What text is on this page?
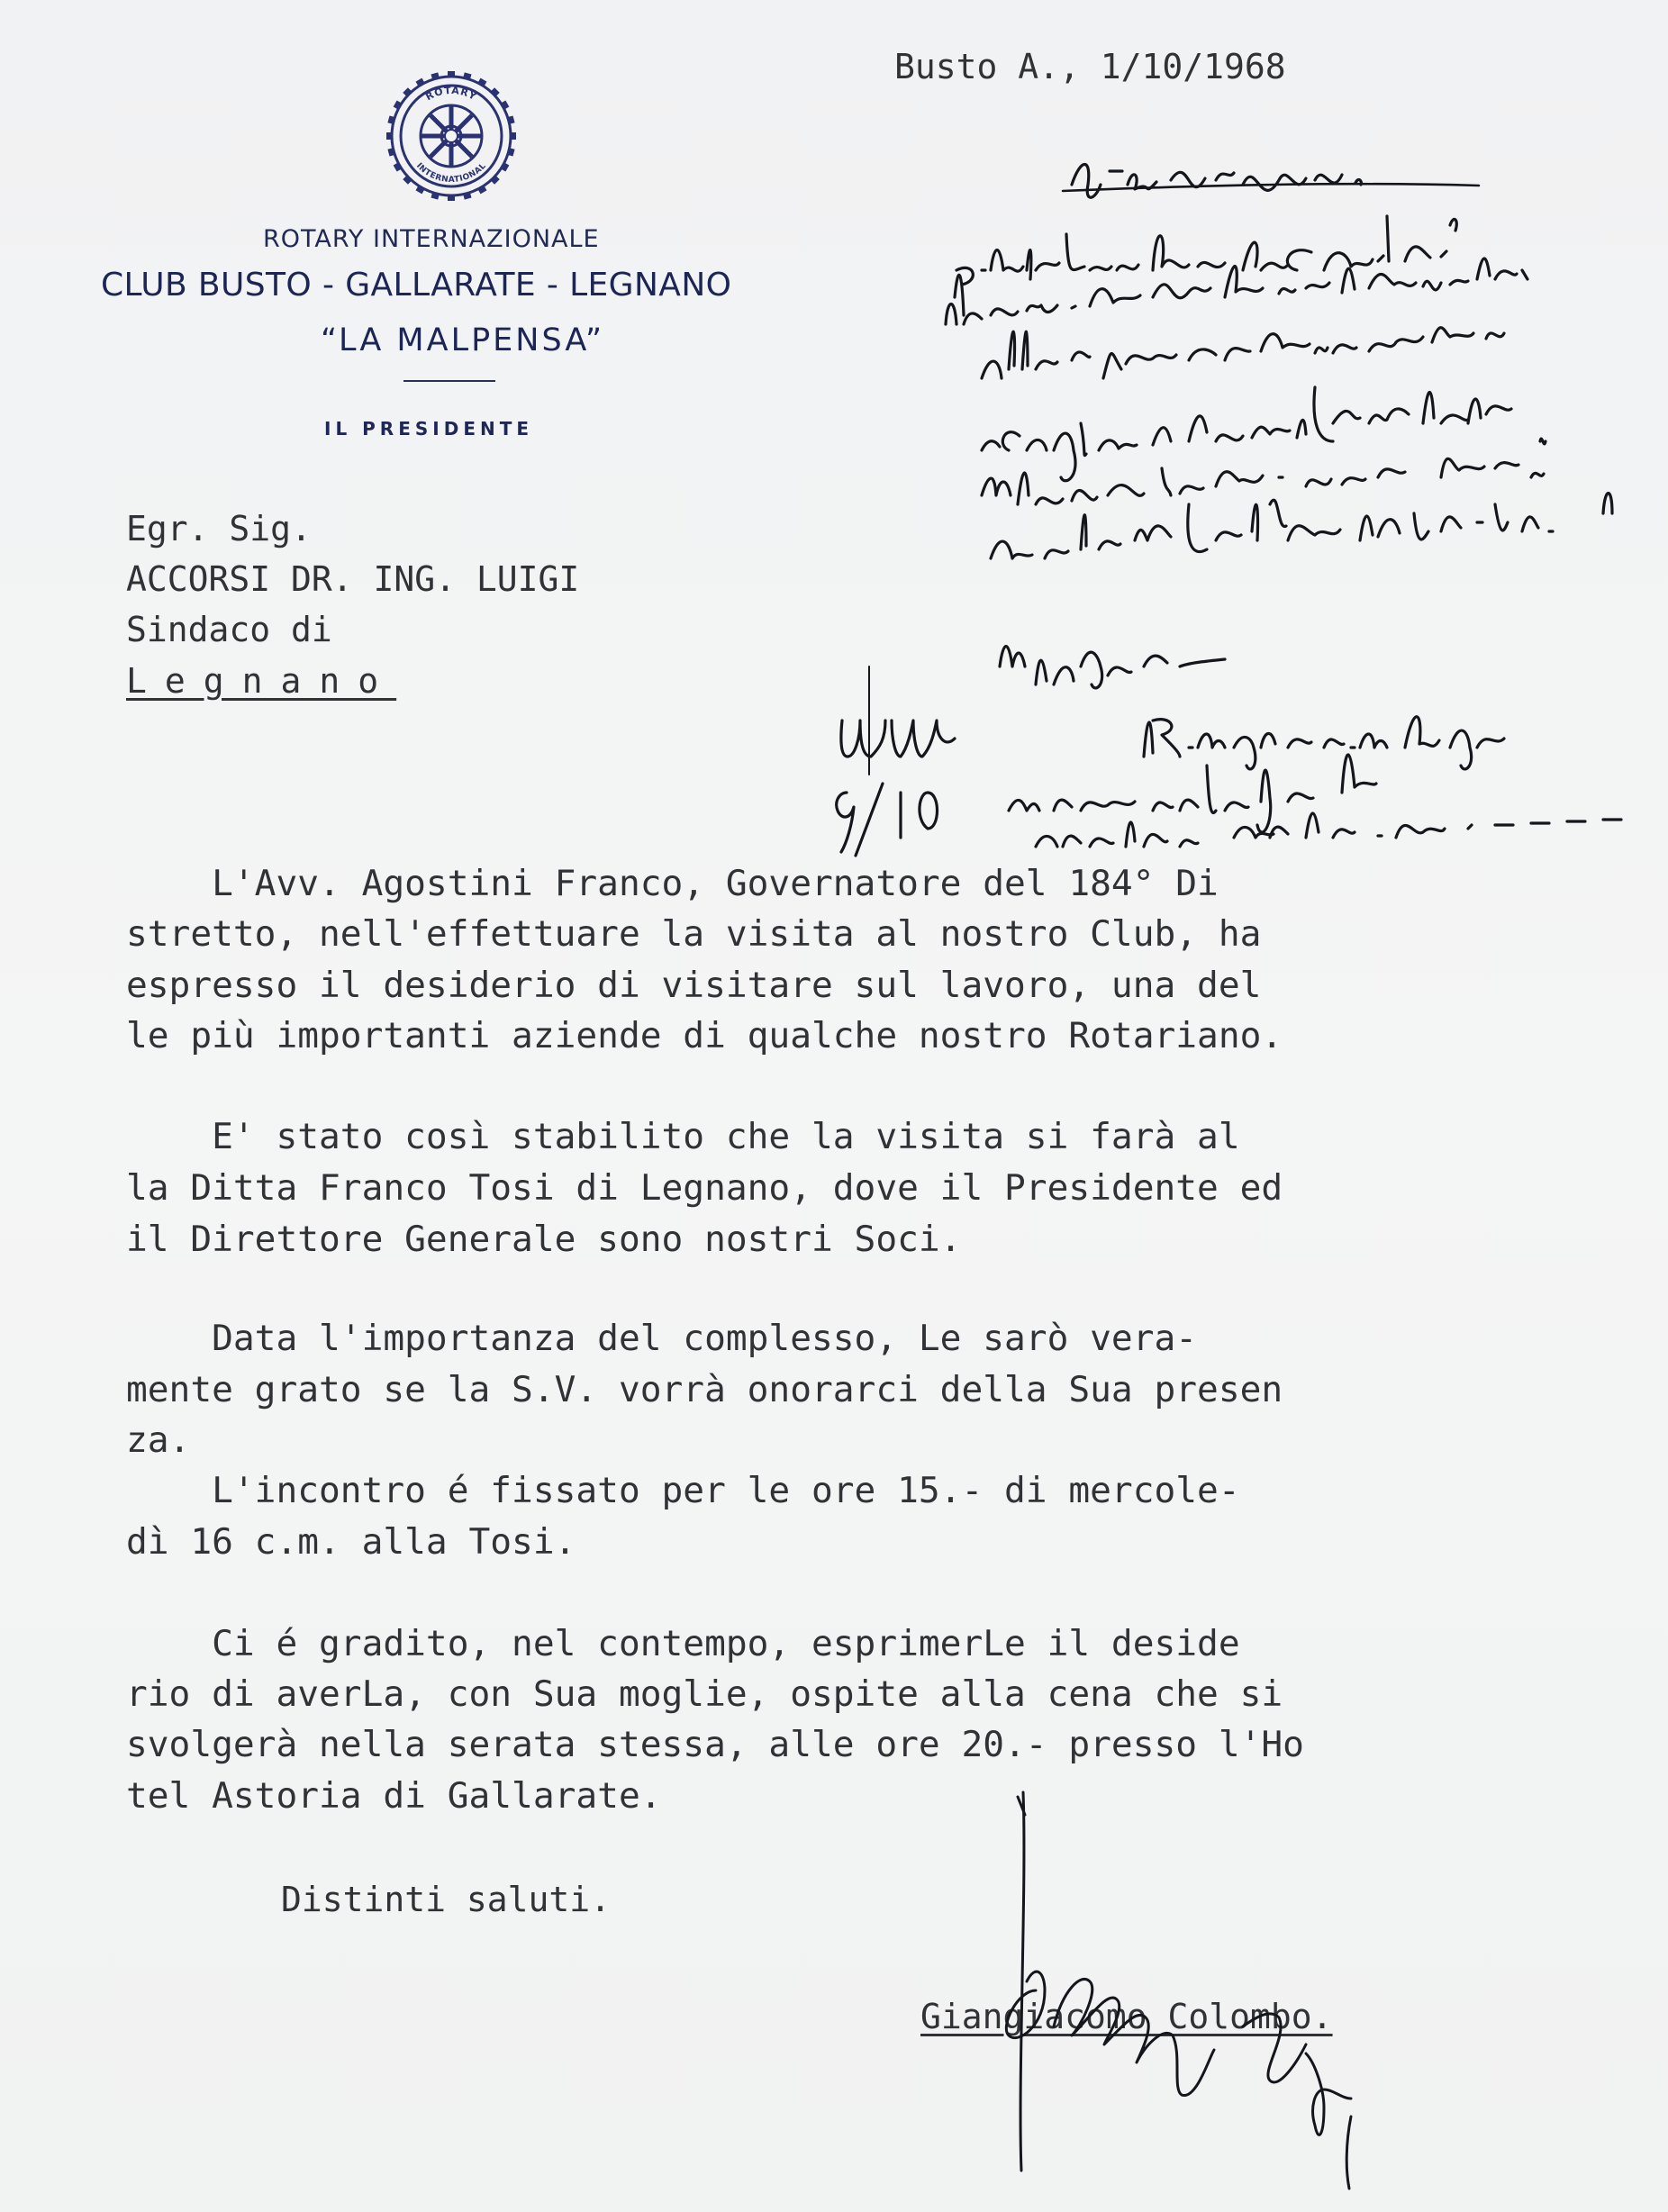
ROTARY
INTERNATIONAL
ROTARY INTERNAZIONALE
CLUB BUSTO - GALLARATE - LEGNANO
“LA MALPENSA”
IL PRESIDENTE
Busto A., 1/10/1968
Egr. Sig.
ACCORSI DR. ING. LUIGI
Sindaco di
Legnano
L'Avv. Agostini Franco, Governatore del 184° Di
stretto, nell'effettuare la visita al nostro Club, ha
espresso il desiderio di visitare sul lavoro, una del
le più importanti aziende di qualche nostro Rotariano.
E' stato così stabilito che la visita si farà al
la Ditta Franco Tosi di Legnano, dove il Presidente ed
il Direttore Generale sono nostri Soci.
Data l'importanza del complesso, Le sarò vera-
mente grato se la S.V. vorrà onorarci della Sua presen
za.
L'incontro é fissato per le ore 15.- di mercole-
dì 16 c.m. alla Tosi.
Ci é gradito, nel contempo, esprimerLe il deside
rio di averLa, con Sua moglie, ospite alla cena che si
svolgerà nella serata stessa, alle ore 20.- presso l'Ho
tel Astoria di Gallarate.
Distinti saluti.
Giangiacomo Colombo.
